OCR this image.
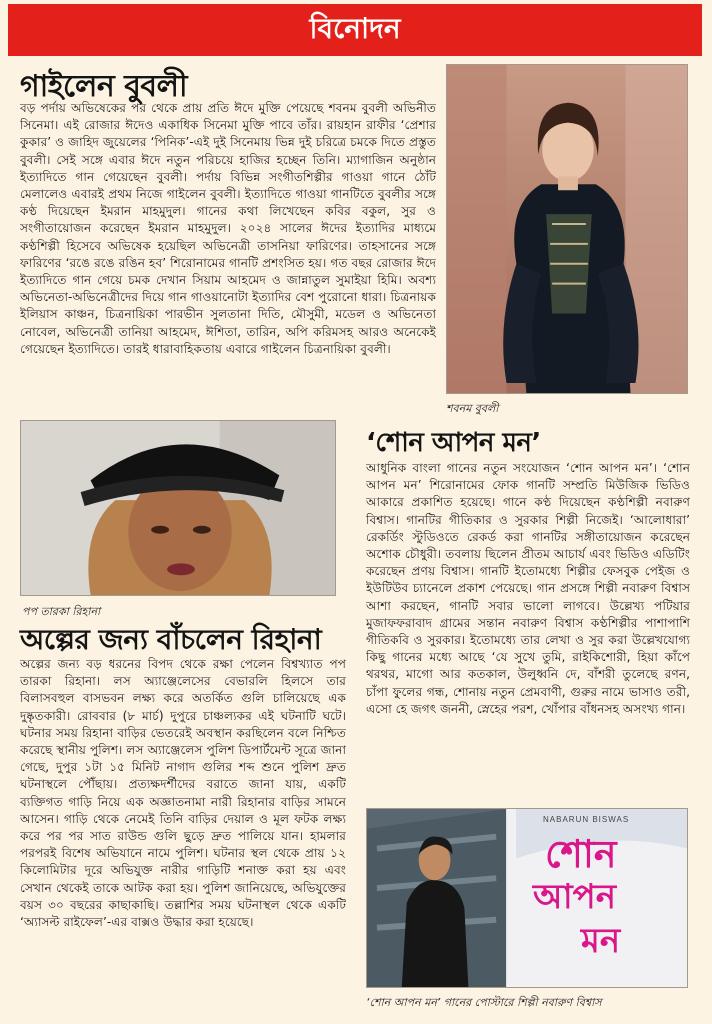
বিনোদন
গাইলেন বুবলী
বড় পর্দায় অভিষেকের পর থেকে প্রায় প্রতি ঈদে মুক্তি পেয়েছে শবনম বুবলী অভিনীত সিনেমা। এই রোজার ঈদেও একাধিক সিনেমা মুক্তি পাবে তাঁর। রায়হান রাফীর ‘প্রেশার কুকার’ ও জাহিদ জুয়েলের ‘পিনিক’-এই দুই সিনেমায় ভিন্ন দুই চরিত্রে চমকে দিতে প্রস্তুত বুবলী। সেই সঙ্গে এবার ঈদে নতুন পরিচয়ে হাজির হচ্ছেন তিনি। ম্যাগাজিন অনুষ্ঠান ইত্যাদিতে গান গেয়েছেন বুবলী। পর্দায় বিভিন্ন সংগীতশিল্পীর গাওয়া গানে ঠোঁট মেলালেও এবারই প্রথম নিজে গাইলেন বুবলী। ইত্যাদিতে গাওয়া গানটিতে বুবলীর সঙ্গে কণ্ঠ দিয়েছেন ইমরান মাহমুদুল। গানের কথা লিখেছেন কবির বকুল, সুর ও সংগীতায়োজন করেছেন ইমরান মাহমুদুল। ২০২৪ সালের ঈদের ইত্যাদির মাধ্যমে কণ্ঠশিল্পী হিসেবে অভিষেক হয়েছিল অভিনেত্রী তাসনিয়া ফারিণের। তাহসানের সঙ্গে ফারিণের ‘রঙে রঙে রঙিন হব’ শিরোনামের গানটি প্রশংসিত হয়। গত বছর রোজার ঈদে ইত্যাদিতে গান গেয়ে চমক দেখান সিয়াম আহমেদ ও জান্নাতুল সুমাইয়া হিমি। অবশ্য অভিনেতা-অভিনেত্রীদের দিয়ে গান গাওয়ানোটা ইত্যাদির বেশ পুরোনো ধারা। চিত্রনায়ক ইলিয়াস কাঞ্চন, চিত্রনায়িকা পারভীন সুলতানা দিতি, মৌসুমী, মডেল ও অভিনেতা নোবেল, অভিনেত্রী তানিয়া আহমেদ, ঈশিতা, তারিন, অপি করিমসহ আরও অনেকেই গেয়েছেন ইত্যাদিতে। তারই ধারাবাহিকতায় এবারে গাইলেন চিত্রনায়িকা বুবলী।
শবনম বুবলী
পপ তারকা রিহানা
‘শোন আপন মন’
আধুনিক বাংলা গানের নতুন সংযোজন ‘শোন আপন মন’। ‘শোন আপন মন’ শিরোনামের ফোক গানটি সম্প্রতি মিউজিক ভিডিও আকারে প্রকাশিত হয়েছে। গানে কণ্ঠ দিয়েছেন কণ্ঠশিল্পী নবারুণ বিশ্বাস। গানটির গীতিকার ও সুরকার শিল্পী নিজেই। ‘আলোধারা’ রেকর্ডিং স্টুডিওতে রেকর্ড করা গানটির সঙ্গীতায়োজন করেছেন অশোক চৌধুরী। তবলায় ছিলেন প্রীতম আচার্য এবং ভিডিও এডিটিং করেছেন প্রণয় বিশ্বাস। গানটি ইতোমধ্যে শিল্পীর ফেসবুক পেইজ ও ইউটিউব চ্যানেলে প্রকাশ পেয়েছে। গান প্রসঙ্গে শিল্পী নবারুণ বিশ্বাস আশা করছেন, গানটি সবার ভালো লাগবে। উল্লেখ্য পটিয়ার মুজাফফরাবাদ গ্রামের সন্তান নবারুণ বিশ্বাস কণ্ঠশিল্পীর পাশাপাশি গীতিকবি ও সুরকার। ইতোমধ্যে তার লেখা ও সুর করা উল্লেখযোগ্য কিছু গানের মধ্যে আছে ‘যে সুখে তুমি, রাইকিশোরী, হিয়া কাঁপে থরথর, মাগো আর কতকাল, উলুধ্বনি দে, বাঁশরী তুলেছে রণন, চাঁপা ফুলের গন্ধ, শোনায় নতুন প্রেমবাণী, গুরুর নামে ভাসাও তরী, এসো হে জগৎ জননী, স্নেহের পরশ, খোঁপার বাঁধনসহ অসংখ্য গান।
NABARUN BISWAS
শোন
আপন
মন
‘শোন আপন মন’ গানের পোস্টারে শিল্পী নবারুণ বিশ্বাস
অল্পের জন্য বাঁচলেন রিহানা
অল্পের জন্য বড় ধরনের বিপদ থেকে রক্ষা পেলেন বিশ্বখ্যাত পপ তারকা রিহানা। লস অ্যাঞ্জেলেসের বেভারলি হিলসে তার বিলাসবহুল বাসভবন লক্ষ্য করে অতর্কিত গুলি চালিয়েছে এক দুষ্কৃতকারী। রোববার (৮ মার্চ) দুপুরে চাঞ্চল্যকর এই ঘটনাটি ঘটে। ঘটনার সময় রিহানা বাড়ির ভেতরেই অবস্থান করছিলেন বলে নিশ্চিত করেছে স্থানীয় পুলিশ। লস অ্যাঞ্জেলেস পুলিশ ডিপার্টমেন্ট সূত্রে জানা গেছে, দুপুর ১টা ১৫ মিনিট নাগাদ গুলির শব্দ শুনে পুলিশ দ্রুত ঘটনাস্থলে পৌঁছায়। প্রত্যক্ষদর্শীদের বরাতে জানা যায়, একটি ব্যক্তিগত গাড়ি নিয়ে এক অজ্ঞাতনামা নারী রিহানার বাড়ির সামনে আসেন। গাড়ি থেকে নেমেই তিনি বাড়ির দেয়াল ও মূল ফটক লক্ষ্য করে পর পর সাত রাউন্ড গুলি ছুড়ে দ্রুত পালিয়ে যান। হামলার পরপরই বিশেষ অভিযানে নামে পুলিশ। ঘটনার স্থল থেকে প্রায় ১২ কিলোমিটার দূরে অভিযুক্ত নারীর গাড়িটি শনাক্ত করা হয় এবং সেখান থেকেই তাকে আটক করা হয়। পুলিশ জানিয়েছে, অভিযুক্তের বয়স ৩০ বছরের কাছাকাছি। তল্লাশির সময় ঘটনাস্থল থেকে একটি ‘অ্যাসল্ট রাইফেল’-এর বাক্সও উদ্ধার করা হয়েছে।
